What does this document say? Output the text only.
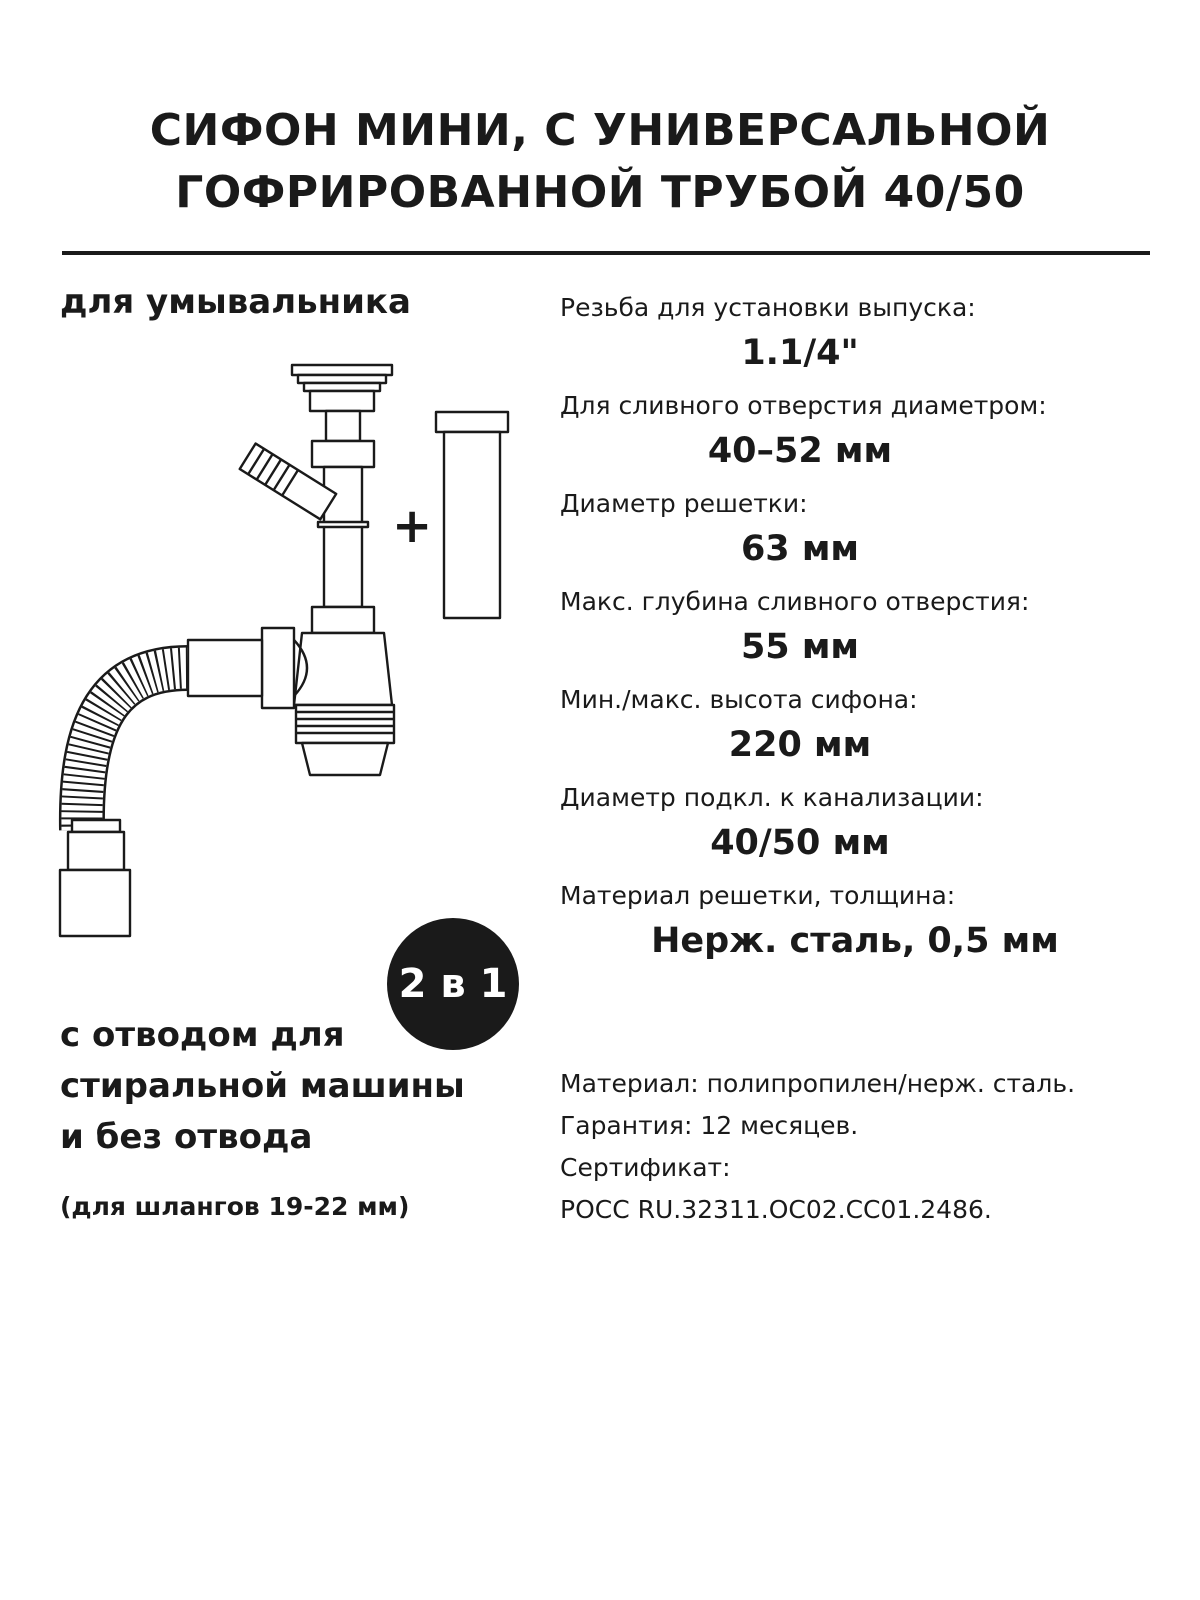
СИФОН МИНИ, С УНИВЕРСАЛЬНОЙ
ГОФРИРОВАННОЙ ТРУБОЙ 40/50
для умывальника
+
2 в 1
с отводом для
стиральной машины
и без отвода
(для шлангов 19-22 мм)
Резьба для установки выпуска:
1.1/4"
Для сливного отверстия диаметром:
40–52 мм
Диаметр решетки:
63 мм
Макс. глубина сливного отверстия:
55 мм
Мин./макс. высота сифона:
220 мм
Диаметр подкл. к канализации:
40/50 мм
Материал решетки, толщина:
Нерж. сталь, 0,5 мм
Материал: полипропилен/нерж. сталь.
Гарантия: 12 месяцев.
Сертификат:
РОСС RU.32311.ОС02.СС01.2486.
